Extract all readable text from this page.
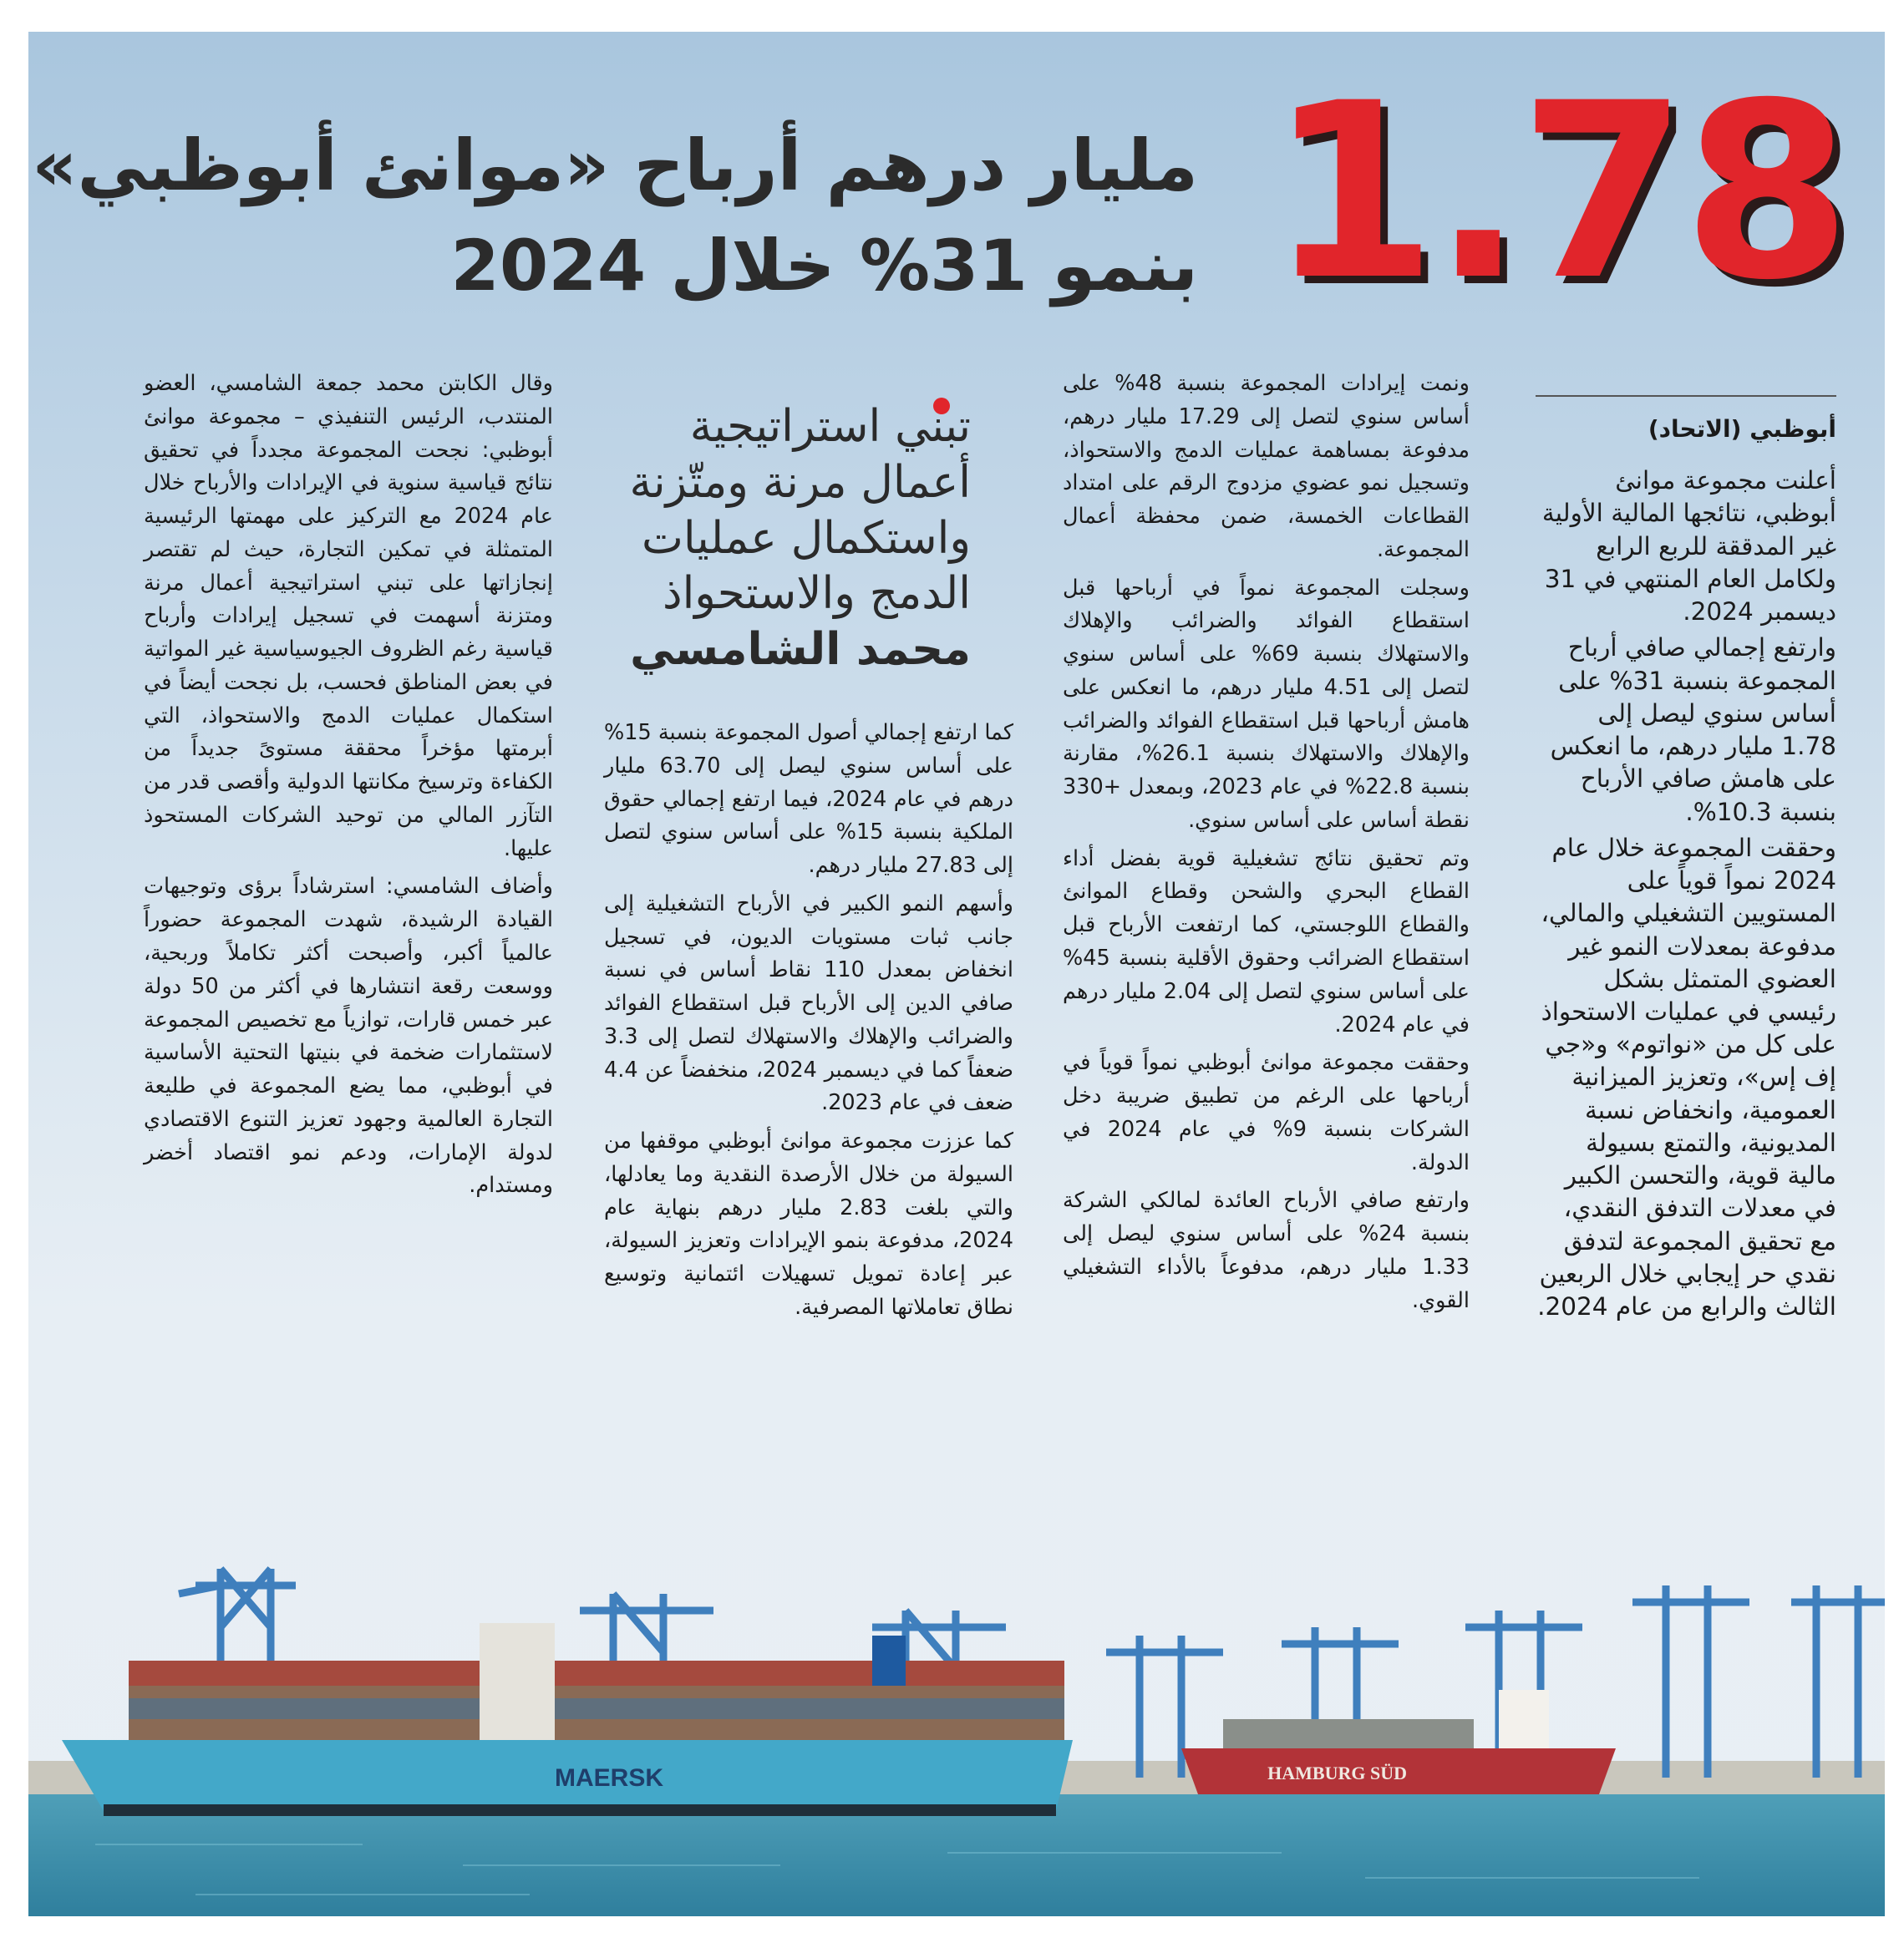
1.78
مليار درهم أرباح «موانئ أبوظبي»
بنمو 31% خلال 2024
أبوظبي (الاتحاد)

أعلنت مجموعة موانئ أبوظبي، نتائجها المالية الأولية غير المدققة للربع الرابع ولكامل العام المنتهي في 31 ديسمبر 2024.

وارتفع إجمالي صافي أرباح المجموعة بنسبة 31% على أساس سنوي ليصل إلى 1.78 مليار درهم، ما انعكس على هامش صافي الأرباح بنسبة 10.3%.

وحققت المجموعة خلال عام 2024 نمواً قوياً على المستويين التشغيلي والمالي، مدفوعة بمعدلات النمو غير العضوي المتمثل بشكل رئيسي في عمليات الاستحواذ على كل من «نواتوم» و«جي إف إس»، وتعزيز الميزانية العمومية، وانخفاض نسبة المديونية، والتمتع بسيولة مالية قوية، والتحسن الكبير في معدلات التدفق النقدي، مع تحقيق المجموعة لتدفق نقدي حر إيجابي خلال الربعين الثالث والرابع من عام 2024.

ونمت إيرادات المجموعة بنسبة 48% على أساس سنوي لتصل إلى 17.29 مليار درهم، مدفوعة بمساهمة عمليات الدمج والاستحواذ، وتسجيل نمو عضوي مزدوج الرقم على امتداد القطاعات الخمسة، ضمن محفظة أعمال المجموعة.

وسجلت المجموعة نمواً في أرباحها قبل استقطاع الفوائد والضرائب والإهلاك والاستهلاك بنسبة 69% على أساس سنوي لتصل إلى 4.51 مليار درهم، ما انعكس على هامش أرباحها قبل استقطاع الفوائد والضرائب والإهلاك والاستهلاك بنسبة 26.1%، مقارنة بنسبة 22.8% في عام 2023، وبمعدل +330 نقطة أساس على أساس سنوي.

وتم تحقيق نتائج تشغيلية قوية بفضل أداء القطاع البحري والشحن وقطاع الموانئ والقطاع اللوجستي، كما ارتفعت الأرباح قبل استقطاع الضرائب وحقوق الأقلية بنسبة 45% على أساس سنوي لتصل إلى 2.04 مليار درهم في عام 2024.

وحققت مجموعة موانئ أبوظبي نمواً قوياً في أرباحها على الرغم من تطبيق ضريبة دخل الشركات بنسبة 9% في عام 2024 في الدولة.

وارتفع صافي الأرباح العائدة لمالكي الشركة بنسبة 24% على أساس سنوي ليصل إلى 1.33 مليار درهم، مدفوعاً بالأداء التشغيلي القوي.

تبني استراتيجية أعمال مرنة ومتّزنة واستكمال عمليات الدمج والاستحواذ
محمد الشامسي

كما ارتفع إجمالي أصول المجموعة بنسبة 15% على أساس سنوي ليصل إلى 63.70 مليار درهم في عام 2024، فيما ارتفع إجمالي حقوق الملكية بنسبة 15% على أساس سنوي لتصل إلى 27.83 مليار درهم.

وأسهم النمو الكبير في الأرباح التشغيلية إلى جانب ثبات مستويات الديون، في تسجيل انخفاض بمعدل 110 نقاط أساس في نسبة صافي الدين إلى الأرباح قبل استقطاع الفوائد والضرائب والإهلاك والاستهلاك لتصل إلى 3.3 ضعفاً كما في ديسمبر 2024، منخفضاً عن 4.4 ضعف في عام 2023.

كما عززت مجموعة موانئ أبوظبي موقفها من السيولة من خلال الأرصدة النقدية وما يعادلها، والتي بلغت 2.83 مليار درهم بنهاية عام 2024، مدفوعة بنمو الإيرادات وتعزيز السيولة، عبر إعادة تمويل تسهيلات ائتمانية وتوسيع نطاق تعاملاتها المصرفية.

وقال الكابتن محمد جمعة الشامسي، العضو المنتدب، الرئيس التنفيذي – مجموعة موانئ أبوظبي: نجحت المجموعة مجدداً في تحقيق نتائج قياسية سنوية في الإيرادات والأرباح خلال عام 2024 مع التركيز على مهمتها الرئيسية المتمثلة في تمكين التجارة، حيث لم تقتصر إنجازاتها على تبني استراتيجية أعمال مرنة ومتزنة أسهمت في تسجيل إيرادات وأرباح قياسية رغم الظروف الجيوسياسية غير المواتية في بعض المناطق فحسب، بل نجحت أيضاً في استكمال عمليات الدمج والاستحواذ، التي أبرمتها مؤخراً محققة مستوىً جديداً من الكفاءة وترسيخ مكانتها الدولية وأقصى قدر من التآزر المالي من توحيد الشركات المستحوذ عليها.

وأضاف الشامسي: استرشاداً برؤى وتوجيهات القيادة الرشيدة، شهدت المجموعة حضوراً عالمياً أكبر، وأصبحت أكثر تكاملاً وربحية، ووسعت رقعة انتشارها في أكثر من 50 دولة عبر خمس قارات، توازياً مع تخصيص المجموعة لاستثمارات ضخمة في بنيتها التحتية الأساسية في أبوظبي، مما يضع المجموعة في طليعة التجارة العالمية وجهود تعزيز التنوع الاقتصادي لدولة الإمارات، ودعم نمو اقتصاد أخضر ومستدام.

MAERSK	HAMBURG SÜD
